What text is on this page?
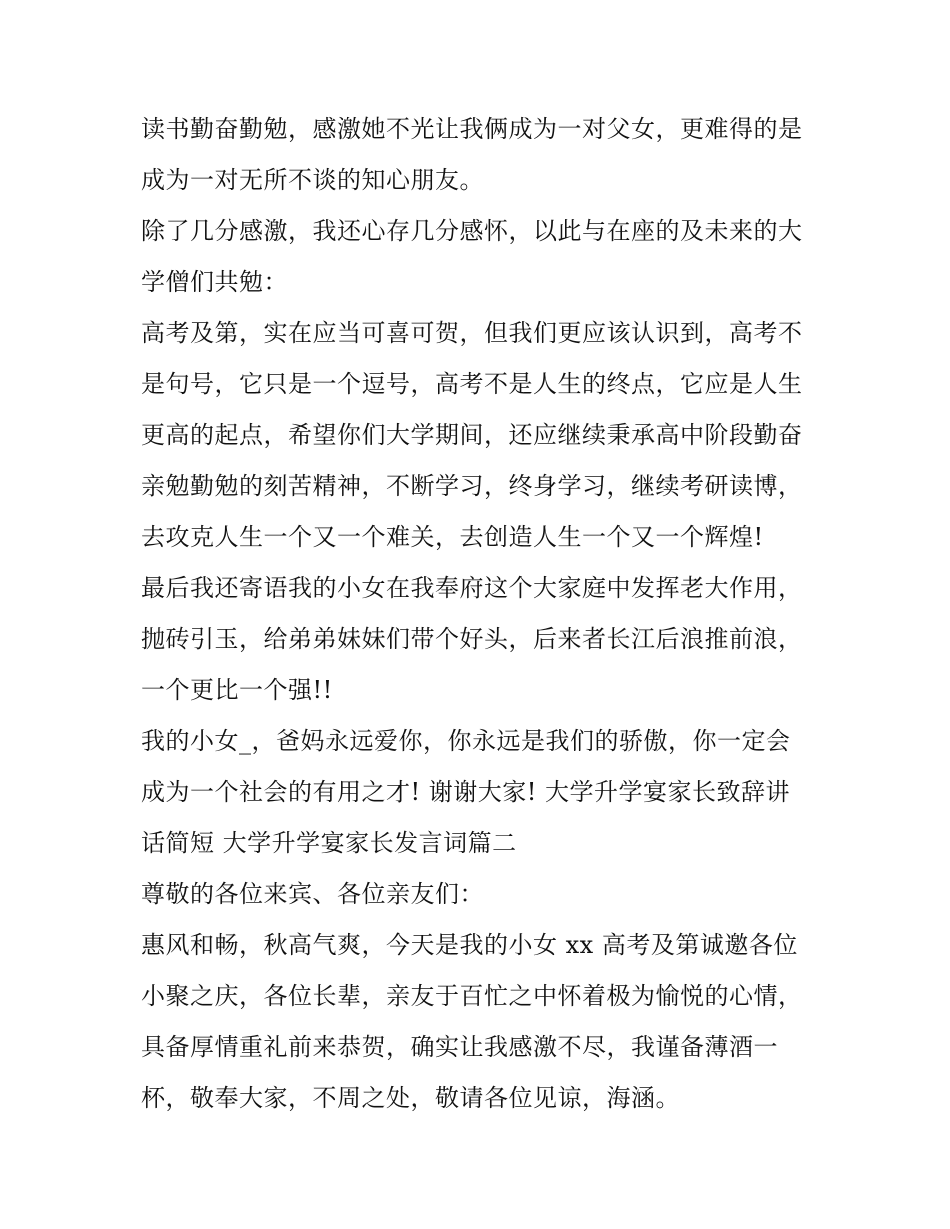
读书勤奋勤勉，感激她不光让我俩成为一对父女，更难得的是
成为一对无所不谈的知心朋友。
除了几分感激，我还心存几分感怀，以此与在座的及未来的大
学僧们共勉：
高考及第，实在应当可喜可贺，但我们更应该认识到，高考不
是句号，它只是一个逗号，高考不是人生的终点，它应是人生
更高的起点，希望你们大学期间，还应继续秉承高中阶段勤奋
亲勉勤勉的刻苦精神，不断学习，终身学习，继续考研读博，
去攻克人生一个又一个难关，去创造人生一个又一个辉煌!
最后我还寄语我的小女在我奉府这个大家庭中发挥老大作用，
抛砖引玉，给弟弟妹妹们带个好头，后来者长江后浪推前浪，
一个更比一个强!!
我的小女_，爸妈永远爱你，你永远是我们的骄傲，你一定会
成为一个社会的有用之才! 谢谢大家! 大学升学宴家长致辞讲
话简短 大学升学宴家长发言词篇二
尊敬的各位来宾、各位亲友们：
惠风和畅，秋高气爽，今天是我的小女 xx 高考及第诚邀各位
小聚之庆，各位长辈，亲友于百忙之中怀着极为愉悦的心情，
具备厚情重礼前来恭贺，确实让我感激不尽，我谨备薄酒一
杯，敬奉大家，不周之处，敬请各位见谅，海涵。
